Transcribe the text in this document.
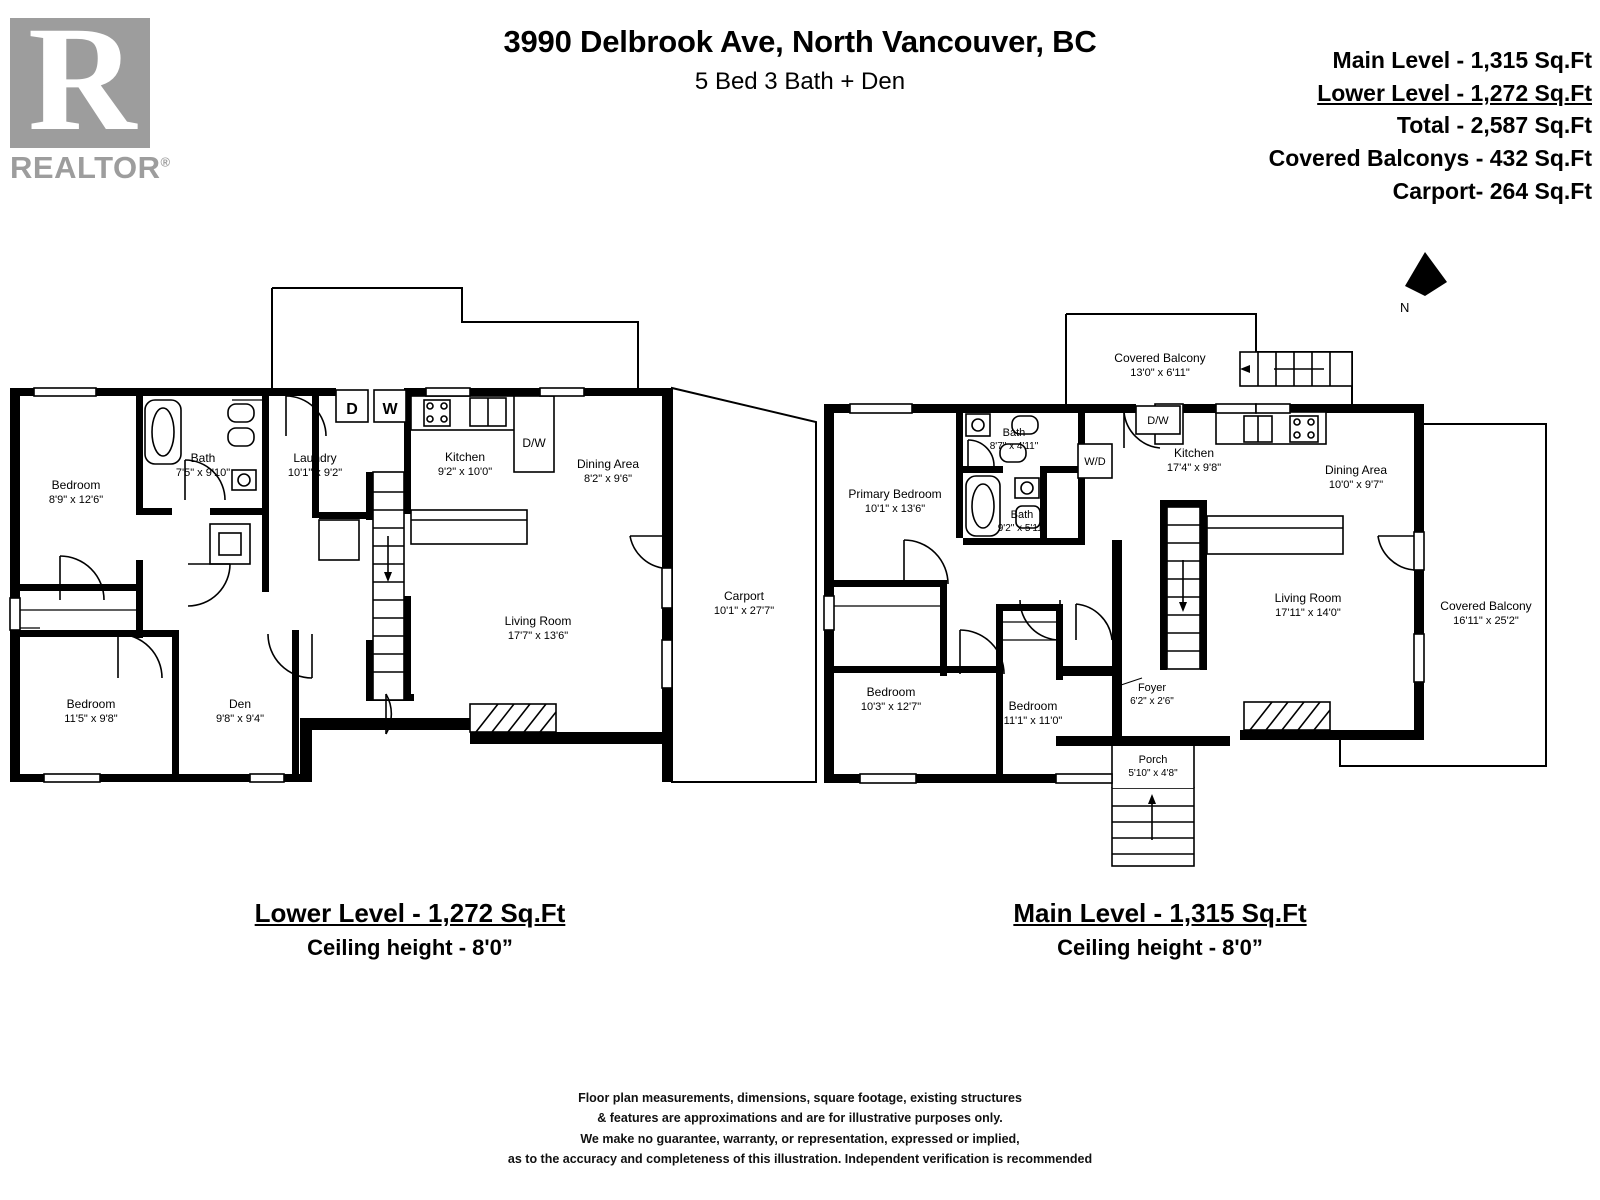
R
REALTOR®
3990 Delbrook Ave, North Vancouver, BC
5 Bed 3 Bath + Den
Main Level - 1,315 Sq.Ft
Lower Level - 1,272 Sq.Ft
Total - 2,587 Sq.Ft
Covered Balconys - 432 Sq.Ft
Carport- 264 Sq.Ft
N
Bedroom
8'9" x 12'6"
Bath
7'5" x 9'10"
Laundry
10'1" x 9'2"
Kitchen
9'2" x 10'0"
Dining Area
8'2" x 9'6"
Carport
10'1" x 27'7"
Living Room
17'7" x 13'6"
Bedroom
11'5" x 9'8"
Den
9'8" x 9'4"
D W
D/W
Covered Balcony
13'0" x 6'11"
Bath
8'7" x 4'11"	Kitchen
17'4" x 9'8"	Dining Area
10'0" x 9'7"
Primary Bedroom
10'1" x 13'6"	Bath
9'2" x 5'11"
Living Room
17'11" x 14'0"	Covered Balcony
16'11" x 25'2"
Bedroom
10'3" x 12'7"	Bedroom
11'1" x 11'0"
Foyer
6'2" x 2'6"
Porch
5'10" x 4'8"
D/W
W/D
Lower Level - 1,272 Sq.Ft
Ceiling height - 8'0”
Main Level - 1,315 Sq.Ft
Ceiling height - 8'0”
Floor plan measurements, dimensions, square footage, existing structures
& features are approximations and are for illustrative purposes only.
We make no guarantee, warranty, or representation, expressed or implied,
as to the accuracy and completeness of this illustration. Independent verification is recommended
